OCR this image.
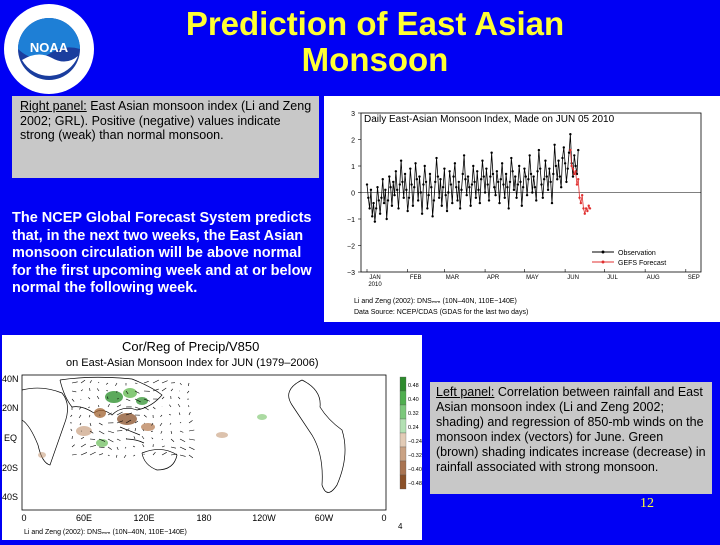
NOAA
Prediction of East Asian
Monsoon
Right panel: East Asian monsoon index (Li and Zeng 2002; GRL). Positive (negative) values indicate strong (weak) than normal monsoon.
The NCEP Global Forecast System predicts that, in the next two weeks, the East Asian monsoon circulation will be above normal for the first upcoming week and at or below normal the following week.
Daily East-Asian Monsoon Index, Made on JUN 05 2010
3
2
1
0
−1
−2
−3
JAN
2010
FEB	MAR	APR	MAY	JUN	JUL	AUG	SEP
Observation
GEFS Forecast
Li and Zeng (2002): DNSₘₘ (10N–40N, 110E−140E)
Data Source: NCEP/CDAS (GDAS for the last two days)
Cor/Reg of Precip/V850
on East-Asian Monsoon Index for JUN (1979–2006)
40N
20N
EQ
20S
40S
0	60E	120E	180	120W	60W	0
0.48
0.40
0.32
0.24
−0.24
−0.32
−0.40
−0.48
4
Li and Zeng (2002): DNSₘₘ (10N–40N, 110E−140E)
Left panel: Correlation between rainfall and East Asian monsoon index (Li and Zeng 2002; shading) and regression of 850-mb winds on the monsoon index (vectors) for June. Green (brown) shading indicates increase (decrease) in rainfall associated with strong monsoon.
12
